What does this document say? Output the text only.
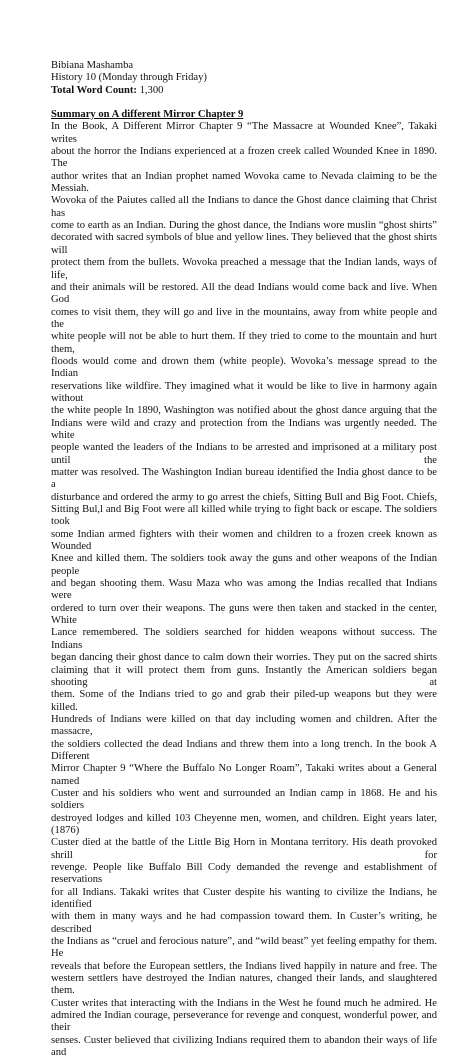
Bibiana Mashamba
History 10 (Monday through Friday)
Total Word Count: 1,300
Summary on A different Mirror Chapter 9
In the Book, A Different Mirror Chapter 9 “The Massacre at Wounded Knee”, Takaki writes
about the horror the Indians experienced at a frozen creek called Wounded Knee in 1890. The
author writes that an Indian prophet named Wovoka came to Nevada claiming to be the Messiah.
Wovoka of the Paiutes called all the Indians to dance the Ghost dance claiming that Christ has
come to earth as an Indian. During the ghost dance, the Indians wore muslin “ghost shirts”
decorated with sacred symbols of blue and yellow lines. They believed that the ghost shirts will
protect them from the bullets. Wovoka preached a message that the Indian lands, ways of life,
and their animals will be restored. All the dead Indians would come back and live. When God
comes to visit them, they will go and live in the mountains, away from white people and the
white people will not be able to hurt them. If they tried to come to the mountain and hurt them,
floods would come and drown them (white people). Wovoka’s message spread to the Indian
reservations like wildfire. They imagined what it would be like to live in harmony again without
the white people In 1890, Washington was notified about the ghost dance arguing that the
Indians were wild and crazy and protection from the Indians was urgently needed. The white
people wanted the leaders of the Indians to be arrested and imprisoned at a military post until the
matter was resolved. The Washington Indian bureau identified the India ghost dance to be a
disturbance and ordered the army to go arrest the chiefs, Sitting Bull and Big Foot. Chiefs,
Sitting Bul,l and Big Foot were all killed while trying to fight back or escape. The soldiers took
some Indian armed fighters with their women and children to a frozen creek known as Wounded
Knee and killed them. The soldiers took away the guns and other weapons of the Indian people
and began shooting them. Wasu Maza who was among the Indias recalled that Indians were
ordered to turn over their weapons. The guns were then taken and stacked in the center, White
Lance remembered. The soldiers searched for hidden weapons without success. The Indians
began dancing their ghost dance to calm down their worries. They put on the sacred shirts
claiming that it will protect them from guns. Instantly the American soldiers began shooting at
them. Some of the Indians tried to go and grab their piled-up weapons but they were killed.
Hundreds of Indians were killed on that day including women and children. After the massacre,
the soldiers collected the dead Indians and threw them into a long trench. In the book A Different
Mirror Chapter 9 “Where the Buffalo No Longer Roam”, Takaki writes about a General named
Custer and his soldiers who went and surrounded an Indian camp in 1868. He and his soldiers
destroyed lodges and killed 103 Cheyenne men, women, and children. Eight years later, (1876)
Custer died at the battle of the Little Big Horn in Montana territory. His death provoked shrill for
revenge. People like Buffalo Bill Cody demanded the revenge and establishment of reservations
for all Indians. Takaki writes that Custer despite his wanting to civilize the Indians, he identified
with them in many ways and he had compassion toward them. In Custer’s writing, he described
the Indians as “cruel and ferocious nature”, and “wild beast” yet feeling empathy for them. He
reveals that before the European settlers, the Indians lived happily in nature and free. The
western settlers have destroyed the Indian natures, changed their lands, and slaughtered them.
Custer writes that interacting with the Indians in the West he found much he admired. He
admired the Indian courage, perseverance for revenge and conquest, wonderful power, and their
senses. Custer believed that civilizing Indians required them to abandon their ways of life and
